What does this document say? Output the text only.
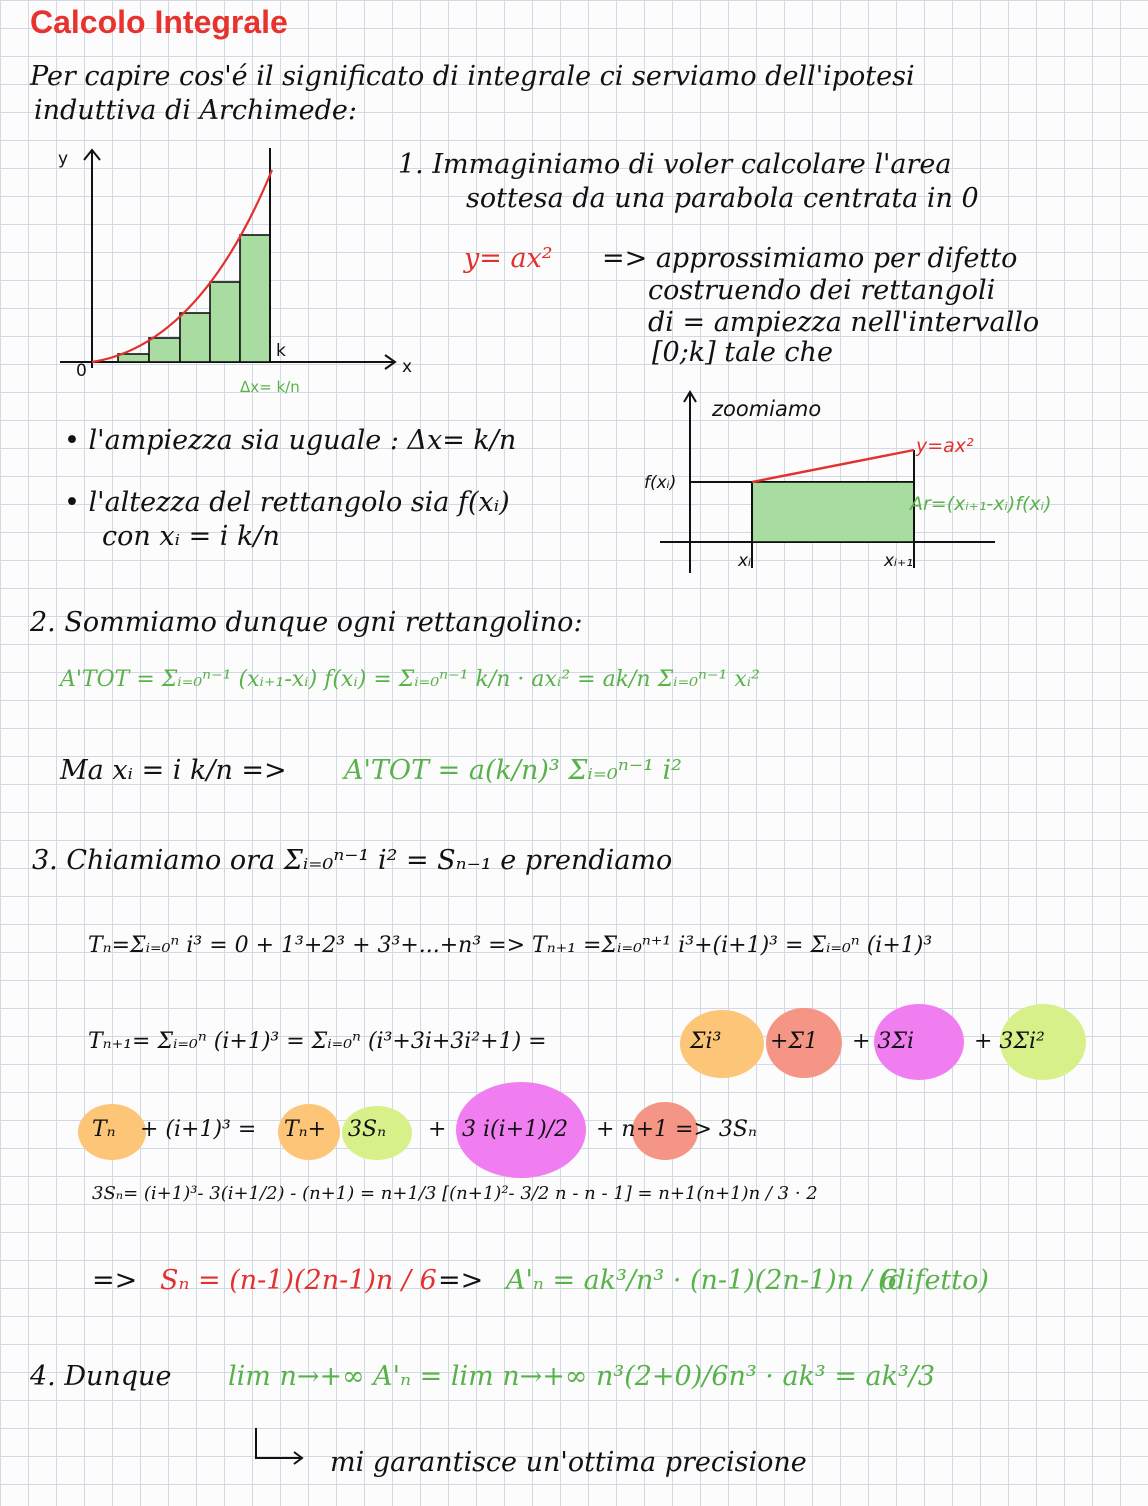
Calcolo Integrale
Per capire cos'é il significato di integrale ci serviamo dell'ipotesi
induttiva di Archimede:
y
x
0
k
Δx= k/n
1. Immaginiamo di voler calcolare l'area
sottesa da una parabola centrata in 0
y= ax² => approssimiamo per difetto
costruendo dei rettangoli
di = ampiezza nell'intervallo
[0;k] tale che
zoomiamo
y=ax²
f(xᵢ)
xᵢ	xᵢ₊₁
Ar=(xᵢ₊₁-xᵢ)f(xᵢ)
• l'ampiezza sia uguale : Δx= k/n
• l'altezza del rettangolo sia f(xᵢ)
con xᵢ = i k/n
2. Sommiamo dunque ogni rettangolino:
A'TOT = Σᵢ₌₀ⁿ⁻¹ (xᵢ₊₁-xᵢ) f(xᵢ) = Σᵢ₌₀ⁿ⁻¹ k/n · axᵢ² = ak/n Σᵢ₌₀ⁿ⁻¹ xᵢ²
Ma xᵢ = i k/n => A'TOT = a(k/n)³ Σᵢ₌₀ⁿ⁻¹ i²
3. Chiamiamo ora Σᵢ₌₀ⁿ⁻¹ i² = Sₙ₋₁ e prendiamo
Tₙ=Σᵢ₌₀ⁿ i³ = 0 + 1³+2³ + 3³+...+n³ => Tₙ₊₁ =Σᵢ₌₀ⁿ⁺¹ i³+(i+1)³ = Σᵢ₌₀ⁿ (i+1)³
Tₙ₊₁= Σᵢ₌₀ⁿ (i+1)³ = Σᵢ₌₀ⁿ (i³+3i+3i²+1) =	Σi³ +Σ1 + 3Σi	+ 3Σi²
Tₙ + (i+1)³ = Tₙ+ 3Sₙ + 3 i(i+1)/2 + n+1 => 3Sₙ
3Sₙ= (i+1)³- 3(i+1/2) - (n+1) = n+1/3 [(n+1)²- 3/2 n - n - 1] = n+1(n+1)n / 3 · 2
=> Sₙ = (n-1)(2n-1)n / 6 => A'ₙ = ak³/n³ · (n-1)(2n-1)n / 6
(difetto)
4. Dunque lim n→+∞ A'ₙ = lim n→+∞ n³(2+0)/6n³ · ak³ = ak³/3
mi garantisce un'ottima precisione
